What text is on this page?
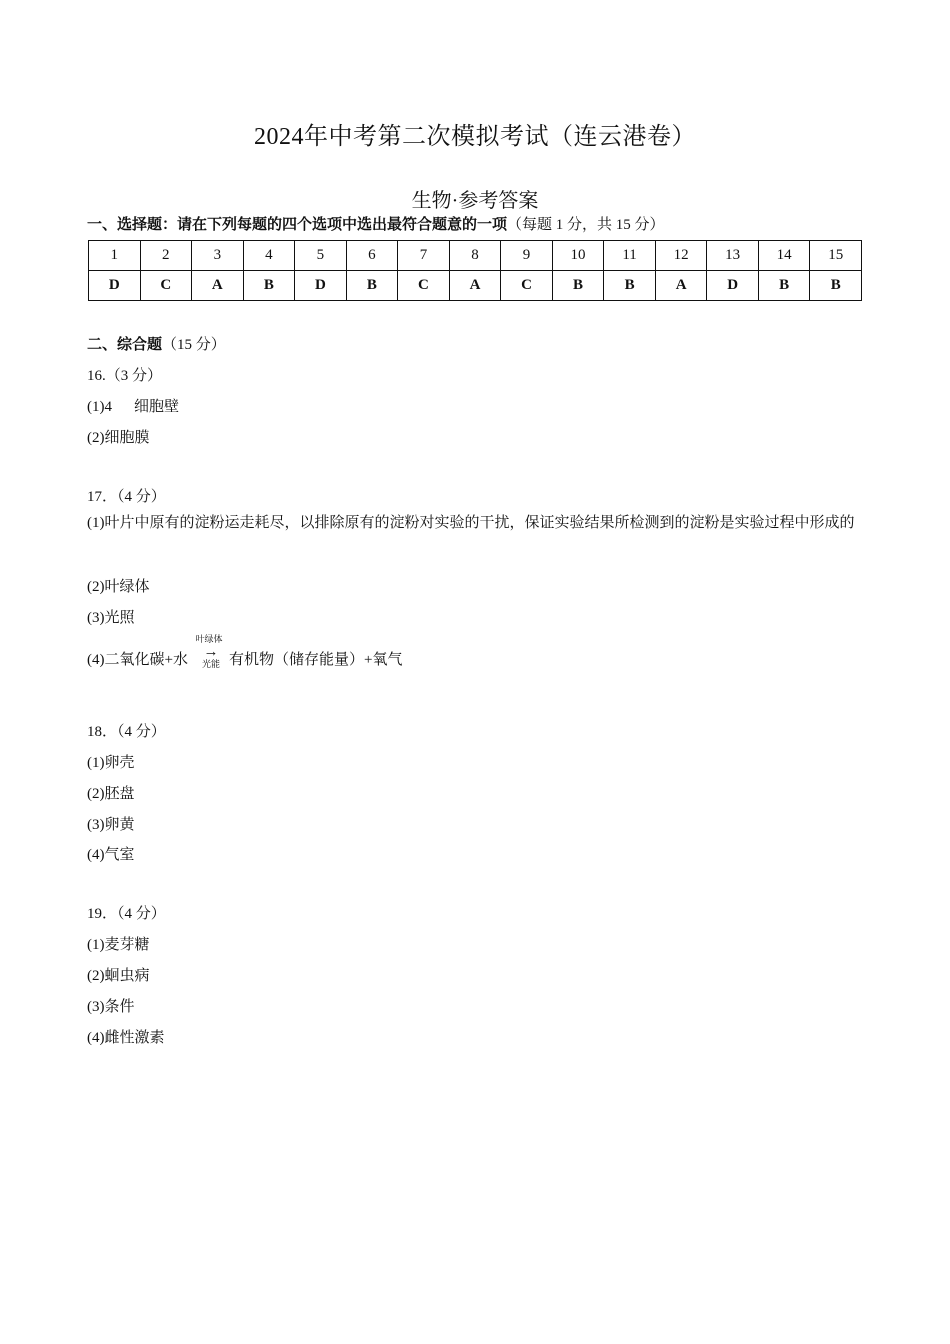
2024年中考第二次模拟考试（连云港卷）
生物·参考答案
一、选择题：请在下列每题的四个选项中选出最符合题意的一项（每题 1 分，共 15 分）
1	2	3	4	5	6	7	8	9	10	11	12	13	14	15
D	C	A	B	D	B	C	A	C	B	B	A	D	B	B
二、综合题（15 分）
16.（3 分）
(1)4 细胞壁
(2)细胞膜
17．（4 分）
(1)叶片中原有的淀粉运走耗尽，以排除原有的淀粉对实验的干扰，保证实验结果所检测到的淀粉是实验过程中形成的
(2)叶绿体
(3)光照
(4)二氧化碳+水
叶绿体
→
光能 有机物（储存能量）+氧气
18．（4 分）
(1)卵壳
(2)胚盘
(3)卵黄
(4)气室
19．（4 分）
(1)麦芽糖
(2)蛔虫病
(3)条件
(4)雌性激素
